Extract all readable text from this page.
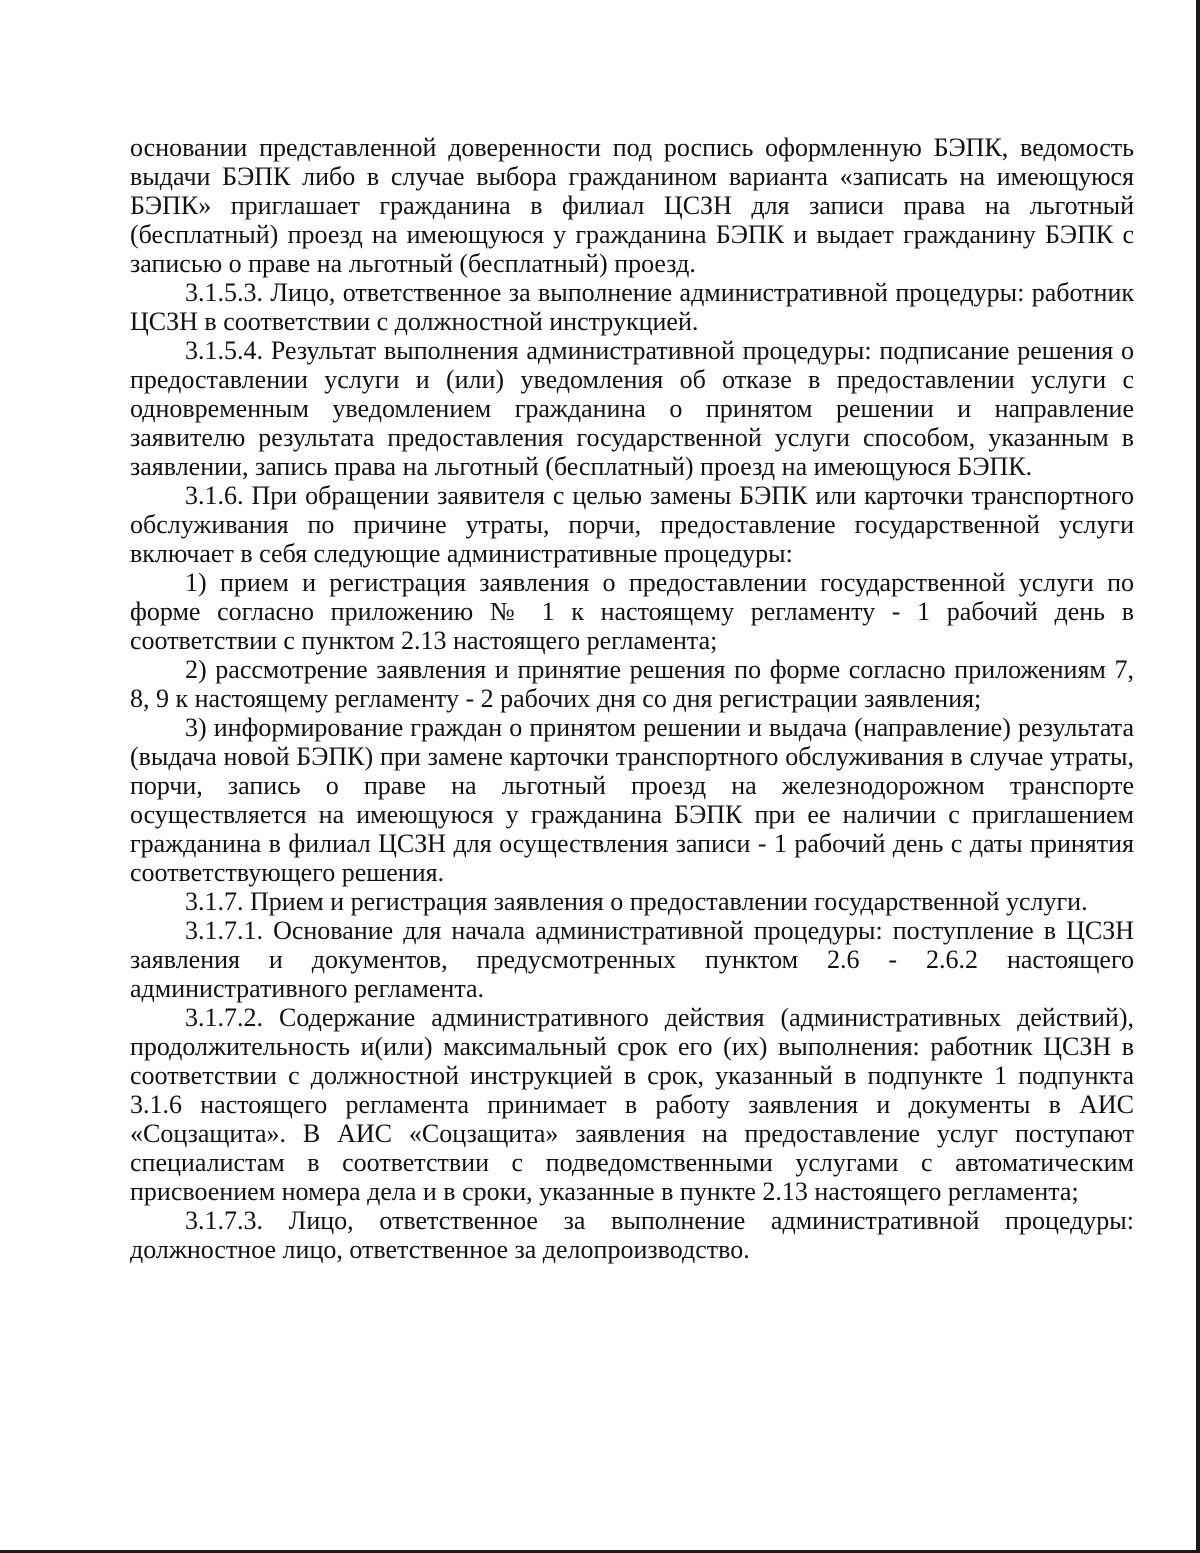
основании представленной доверенности под роспись оформленную БЭПК, ведомость выдачи БЭПК либо в случае выбора гражданином варианта «записать на имеющуюся БЭПК» приглашает гражданина в филиал ЦСЗН для записи права на льготный (бесплатный) проезд на имеющуюся у гражданина БЭПК и выдает гражданину БЭПК с записью о праве на льготный (бесплатный) проезд.

3.1.5.3. Лицо, ответственное за выполнение административной процедуры: работник ЦСЗН в соответствии с должностной инструкцией.

3.1.5.4. Результат выполнения административной процедуры: подписание решения о предоставлении услуги и (или) уведомления об отказе в предоставлении услуги с одновременным уведомлением гражданина о принятом решении и направление заявителю результата предоставления государственной услуги способом, указанным в заявлении, запись права на льготный (бесплатный) проезд на имеющуюся БЭПК.

3.1.6. При обращении заявителя с целью замены БЭПК или карточки транспортного обслуживания по причине утраты, порчи, предоставление государственной услуги включает в себя следующие административные процедуры:

1) прием и регистрация заявления о предоставлении государственной услуги по форме согласно приложению № 1 к настоящему регламенту - 1 рабочий день в соответствии с пунктом 2.13 настоящего регламента;

2) рассмотрение заявления и принятие решения по форме согласно приложениям 7, 8, 9 к настоящему регламенту - 2 рабочих дня со дня регистрации заявления;

3) информирование граждан о принятом решении и выдача (направление) результата (выдача новой БЭПК) при замене карточки транспортного обслуживания в случае утраты, порчи, запись о праве на льготный проезд на железнодорожном транспорте осуществляется на имеющуюся у гражданина БЭПК при ее наличии с приглашением гражданина в филиал ЦСЗН для осуществления записи - 1 рабочий день с даты принятия соответствующего решения.

3.1.7. Прием и регистрация заявления о предоставлении государственной услуги.

3.1.7.1. Основание для начала административной процедуры: поступление в ЦСЗН заявления и документов, предусмотренных пунктом 2.6 - 2.6.2 настоящего административного регламента.

3.1.7.2. Содержание административного действия (административных действий), продолжительность и(или) максимальный срок его (их) выполнения: работник ЦСЗН в соответствии с должностной инструкцией в срок, указанный в подпункте 1 подпункта 3.1.6 настоящего регламента принимает в работу заявления и документы в АИС «Соцзащита». В АИС «Соцзащита» заявления на предоставление услуг поступают специалистам в соответствии с подведомственными услугами с автоматическим присвоением номера дела и в сроки, указанные в пункте 2.13 настоящего регламента;

3.1.7.3. Лицо, ответственное за выполнение административной процедуры: должностное лицо, ответственное за делопроизводство.
